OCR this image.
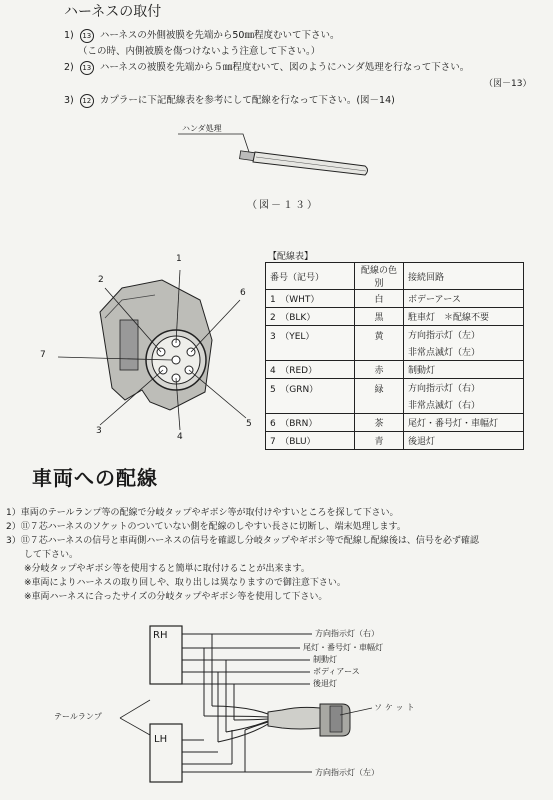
ハーネスの取付
1) 13 ハーネスの外側被膜を先端から50㎜程度むいて下さい。
（この時、内側被膜を傷つけないよう注意して下さい。）
2) 13 ハーネスの被膜を先端から５㎜程度むいて、図のようにハンダ処理を行なって下さい。
（図－13）
3) 12 カプラーに下記配線表を参考にして配線を行なって下さい。(図－14)
ハンダ処理
（図－１３）
1
2
6
7
3
4
5
【配線表】
番号（記号）	配線の色別	接続回路
1　（WHT）	白	ボデーアース
2　（BLK）	黒	駐車灯　＊配線不要
3　（YEL）	黄	方向指示灯（左）
		非常点滅灯（左）
4　（RED）	赤	制動灯
5　（GRN）	緑	方向指示灯（右）
		非常点滅灯（右）
6　（BRN）	茶	尾灯・番号灯・車幅灯
7　（BLU）	青	後退灯
車両への配線
1）車両のテールランプ等の配線で分岐タップやギボシ等が取付けやすいところを探して下さい。
2）⑪７芯ハーネスのソケットのついていない側を配線のしやすい長さに切断し、端末処理します。
3）⑪７芯ハーネスの信号と車両側ハーネスの信号を確認し分岐タップやギボシ等で配線し配線後は、信号を必ず確認
　　して下さい。
　　※分岐タップやギボシ等を使用すると簡単に取付けることが出来ます。
　　※車両によりハーネスの取り回しや、取り出しは異なりますので御注意下さい。
　　※車両ハーネスに合ったサイズの分岐タップやギボシ等を使用して下さい。
RH
LH
テールランプ
ソケット
方向指示灯（右）
尾灯・番号灯・車幅灯
制動灯
ボディアース
後退灯
方向指示灯（左）
